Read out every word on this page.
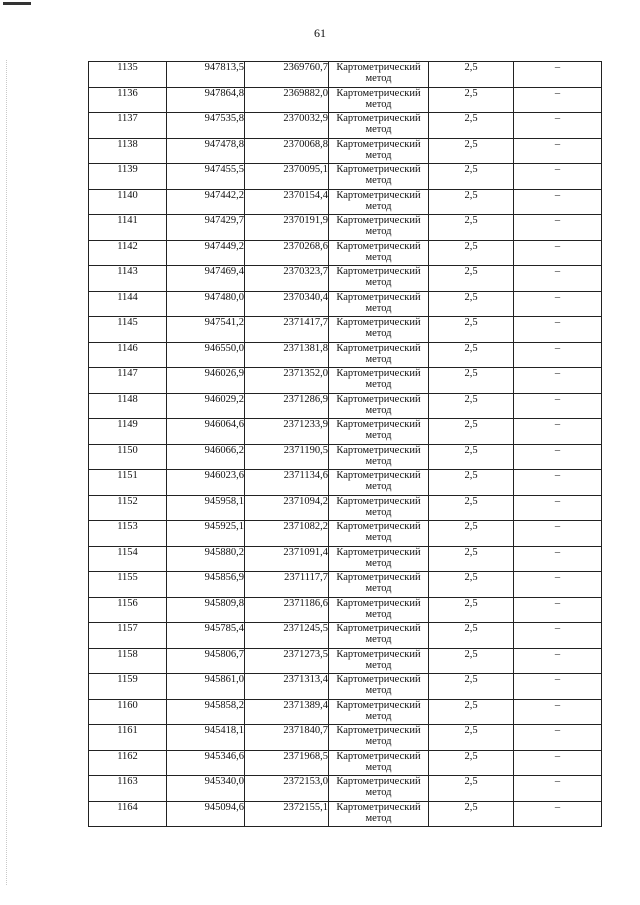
61
1135	947813,5	2369760,7	Картометрический
метод	2,5	–
1136	947864,8	2369882,0	Картометрический
метод	2,5	–
1137	947535,8	2370032,9	Картометрический
метод	2,5	–
1138	947478,8	2370068,8	Картометрический
метод	2,5	–
1139	947455,5	2370095,1	Картометрический
метод	2,5	–
1140	947442,2	2370154,4	Картометрический
метод	2,5	–
1141	947429,7	2370191,9	Картометрический
метод	2,5	–
1142	947449,2	2370268,6	Картометрический
метод	2,5	–
1143	947469,4	2370323,7	Картометрический
метод	2,5	–
1144	947480,0	2370340,4	Картометрический
метод	2,5	–
1145	947541,2	2371417,7	Картометрический
метод	2,5	–
1146	946550,0	2371381,8	Картометрический
метод	2,5	–
1147	946026,9	2371352,0	Картометрический
метод	2,5	–
1148	946029,2	2371286,9	Картометрический
метод	2,5	–
1149	946064,6	2371233,9	Картометрический
метод	2,5	–
1150	946066,2	2371190,5	Картометрический
метод	2,5	–
1151	946023,6	2371134,6	Картометрический
метод	2,5	–
1152	945958,1	2371094,2	Картометрический
метод	2,5	–
1153	945925,1	2371082,2	Картометрический
метод	2,5	–
1154	945880,2	2371091,4	Картометрический
метод	2,5	–
1155	945856,9	2371117,7	Картометрический
метод	2,5	–
1156	945809,8	2371186,6	Картометрический
метод	2,5	–
1157	945785,4	2371245,5	Картометрический
метод	2,5	–
1158	945806,7	2371273,5	Картометрический
метод	2,5	–
1159	945861,0	2371313,4	Картометрический
метод	2,5	–
1160	945858,2	2371389,4	Картометрический
метод	2,5	–
1161	945418,1	2371840,7	Картометрический
метод	2,5	–
1162	945346,6	2371968,5	Картометрический
метод	2,5	–
1163	945340,0	2372153,0	Картометрический
метод	2,5	–
1164	945094,6	2372155,1	Картометрический
метод	2,5	–
